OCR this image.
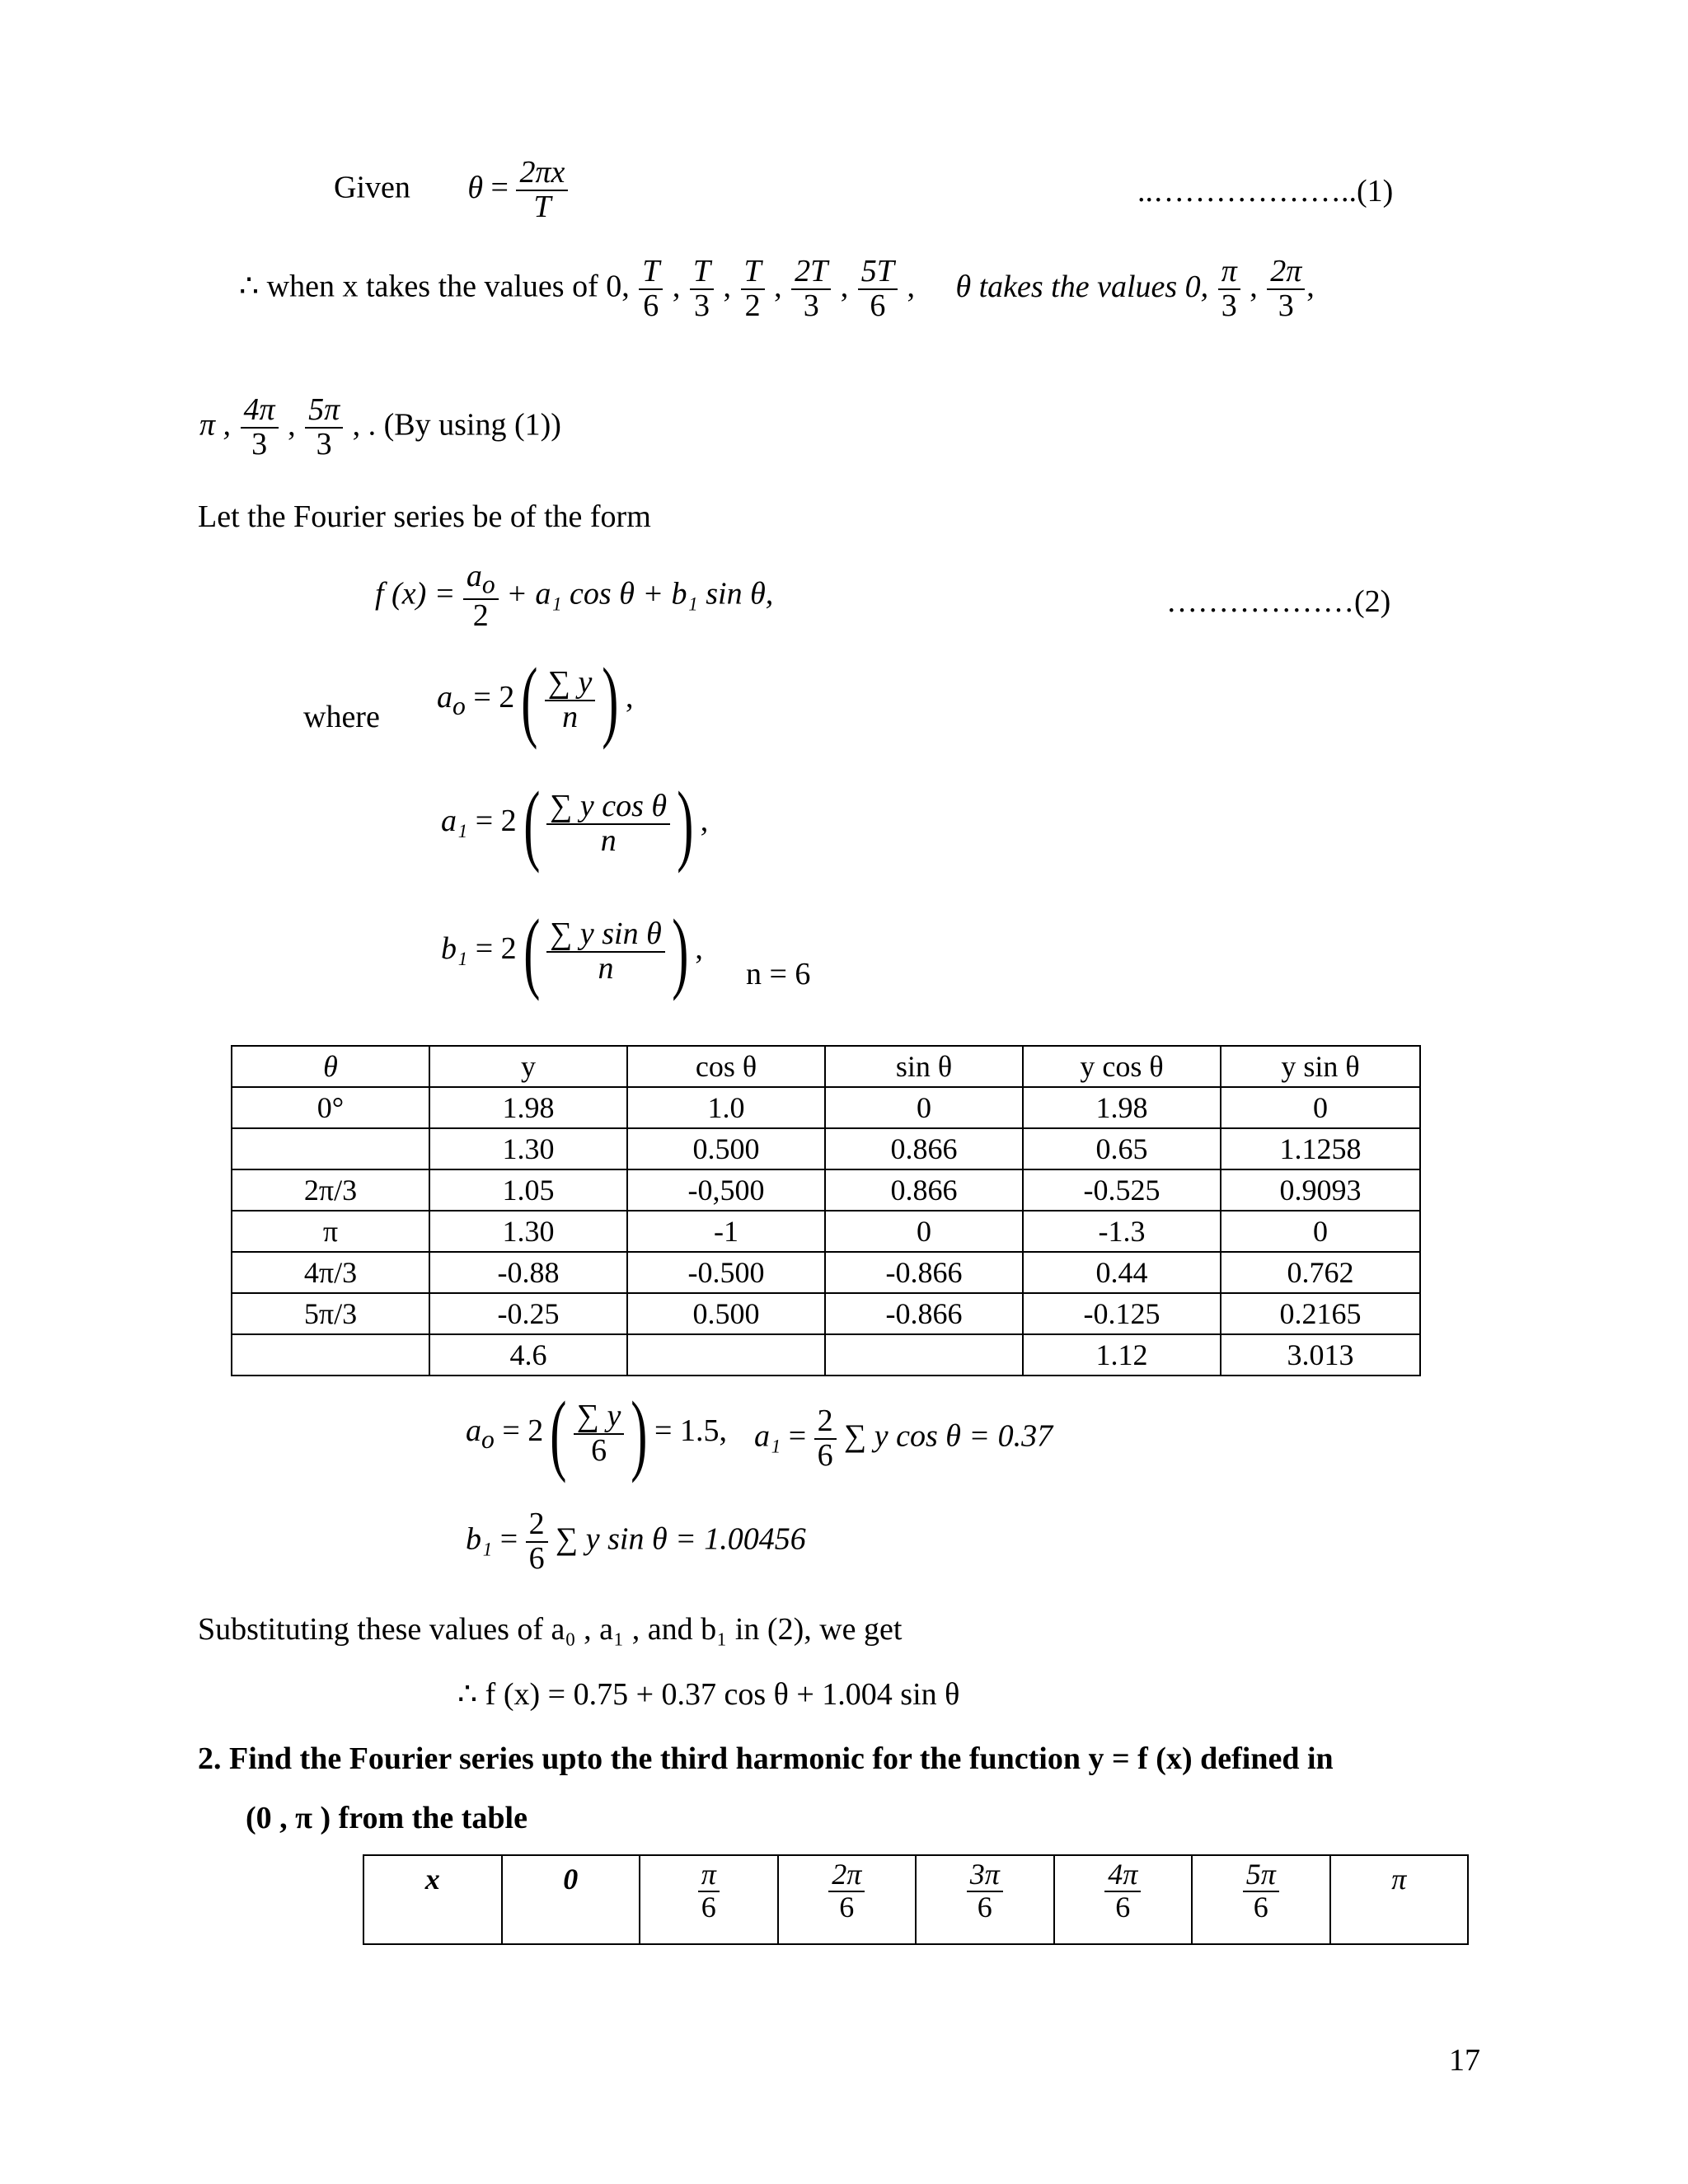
Given $\theta = \frac{2\pi x}{T}$	..………………..(1)
∴ when x takes the values of 0, $\frac{T}{6}$ , $\frac{T}{3}$ , $\frac{T}{2}$ , $\frac{2T}{3}$ , $\frac{5T}{6}$ , θ takes the values 0, $\frac{\pi}{3}$ , $\frac{2\pi}{3}$ ,
π , $\frac{4\pi}{3}$ , $\frac{5\pi}{3}$ , . (By using (1))
Let the Fourier series be of the form
f $(x) = \frac{a_o}{2} + a_1$ cos θ + b₁ sin θ,	………………(2)
where
$a_o = 2( \frac{\sum y}{n}$ ) ,
$a_1 = 2( \frac{\text{∑ y cos θ}}{n}$ ) ,
$b_1 = 2( \frac{\text{∑ y sin θ}}{n}$ ) ,
n = 6
θ	y	cos θ	sin θ	y cos θ	y sin θ
0°	1.98	1.0	0	1.98	0
	1.30	0.500	0.866	0.65	1.1258
2π/3	1.05	-0,500	0.866	-0.525	0.9093
π	1.30	-1	0	-1.3	0
4π/3	-0.88	-0.500	-0.866	0.44	0.762
5π/3	-0.25	0.500	-0.866	-0.125	0.2165
	4.6			1.12	3.013
$a_o = 2( \frac{\sum y}{6}$ ) = 1.5, $a_1 = \frac{2}{6}$ ∑ y cos θ = 0.37
$b_1 = \frac{2}{6}$ ∑ y sin θ = 1.00456
Substituting these values of a₀ , a₁ , and b₁ in (2), we get
∴ f (x) = 0.75 + 0.37 cos θ + 1.004 sin θ
2. Find the Fourier series upto the third harmonic for the function y = f (x) defined in
(0 , π ) from the table
x	0	$\frac{\pi}{6}$	$\frac{2\pi}{6}$	$\frac{3\pi}{6}$	$\frac{4\pi}{6}$	$\frac{5\pi}{6}$	π
17
